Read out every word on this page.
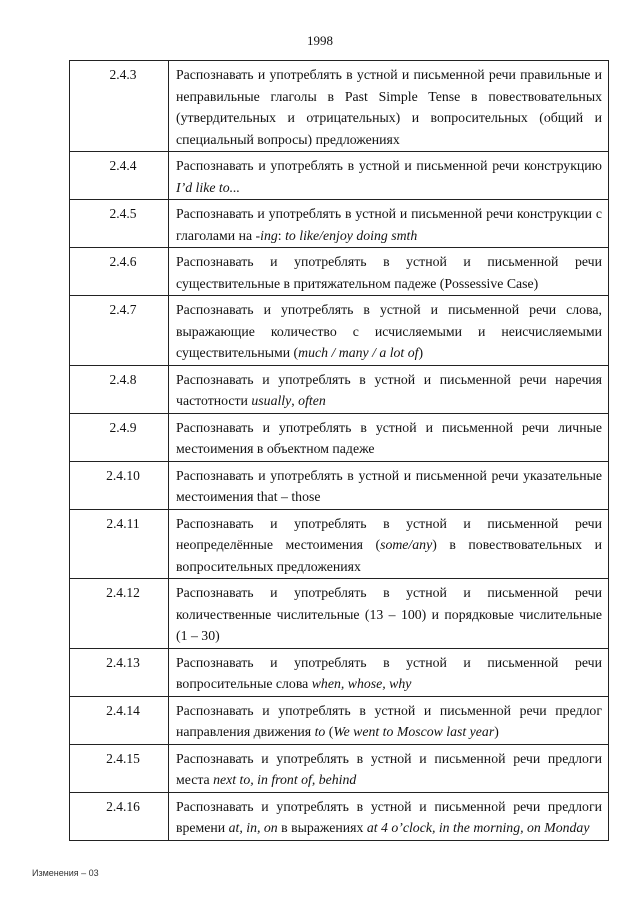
1998
2.4.3	Распознавать и употреблять в устной и письменной речи правильные и неправильные глаголы в Past Simple Tense в повествовательных (утвердительных и отрицательных) и вопросительных (общий и специальный вопросы) предложениях
2.4.4	Распознавать и употреблять в устной и письменной речи конструкцию I’d like to...
2.4.5	Распознавать и употреблять в устной и письменной речи конструкции с глаголами на -ing: to like/enjoy doing smth
2.4.6	Распознавать и употреблять в устной и письменной речи существительные в притяжательном падеже (Possessive Case)
2.4.7	Распознавать и употреблять в устной и письменной речи слова, выражающие количество с исчисляемыми и неисчисляемыми существительными (much / many / a lot of)
2.4.8	Распознавать и употреблять в устной и письменной речи наречия частотности usually, often
2.4.9	Распознавать и употреблять в устной и письменной речи личные местоимения в объектном падеже
2.4.10	Распознавать и употреблять в устной и письменной речи указательные местоимения that – those
2.4.11	Распознавать и употреблять в устной и письменной речи неопределённые местоимения (some/any) в повествовательных и вопросительных предложениях
2.4.12	Распознавать и употреблять в устной и письменной речи количественные числительные (13 – 100) и порядковые числительные (1 – 30)
2.4.13	Распознавать и употреблять в устной и письменной речи вопросительные слова when, whose, why
2.4.14	Распознавать и употреблять в устной и письменной речи предлог направления движения to (We went to Moscow last year)
2.4.15	Распознавать и употреблять в устной и письменной речи предлоги места next to, in front of, behind
2.4.16	Распознавать и употреблять в устной и письменной речи предлоги времени at, in, on в выражениях at 4 o’clock, in the morning, on Monday
Изменения – 03
